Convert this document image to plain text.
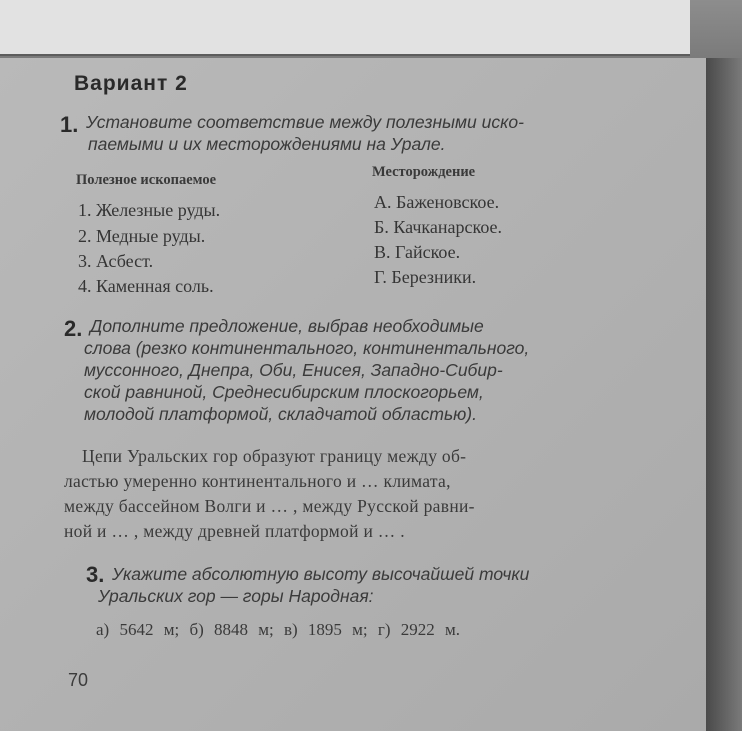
Вариант 2
1. Установите соответствие между полезными иско-
паемыми и их месторождениями на Урале.
Полезное ископаемое	Месторождение
1. Железные руды.
2. Медные руды.
3. Асбест.
4. Каменная соль.
А. Баженовское.
Б. Качканарское.
В. Гайское.
Г. Березники.
2. Дополните предложение, выбрав необходимые
слова (резко континентального, континентального,
муссонного, Днепра, Оби, Енисея, Западно-Сибир-
ской равниной, Среднесибирским плоскогорьем,
молодой платформой, складчатой областью).
Цепи Уральских гор образуют границу между об-
ластью умеренно континентального и … климата,
между бассейном Волги и … , между Русской равни-
ной и … , между древней платформой и … .
3. Укажите абсолютную высоту высочайшей точки
Уральских гор — горы Народная:
а) 5642 м; б) 8848 м; в) 1895 м; г) 2922 м.
70
